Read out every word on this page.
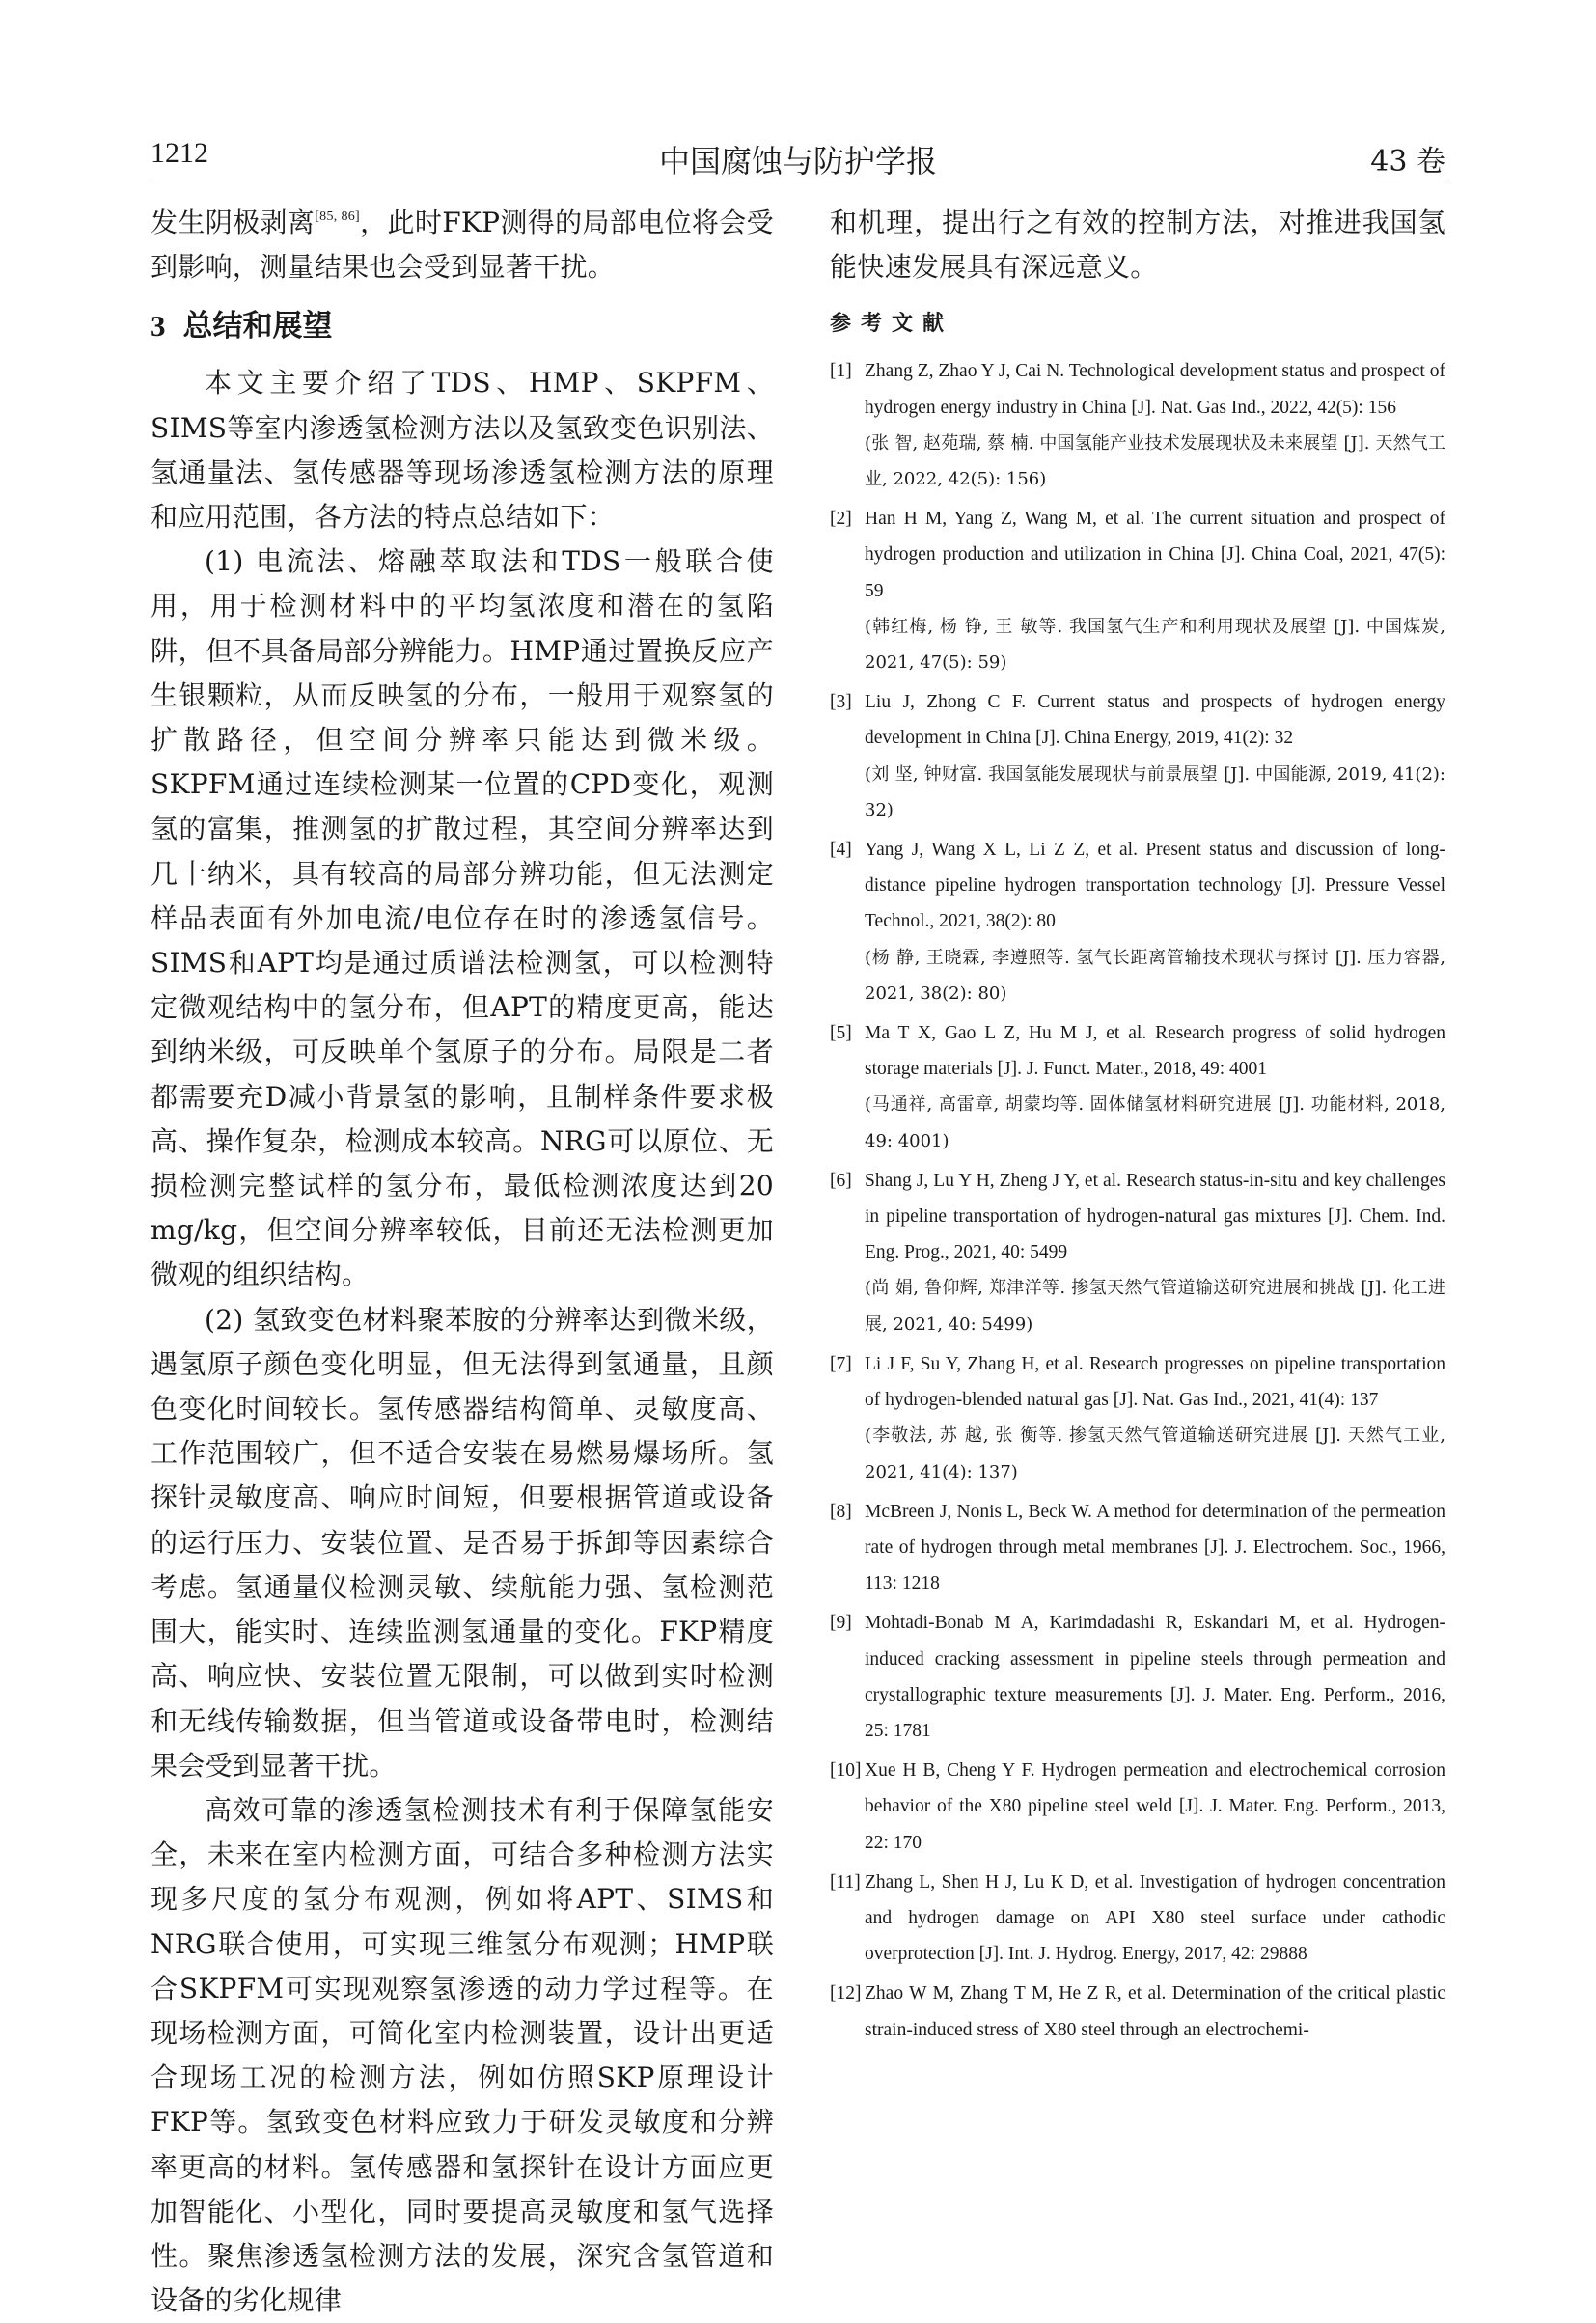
1212	中国腐蚀与防护学报	43 卷

发生阴极剥离[85, 86]，此时FKP测得的局部电位将会受到影响，测量结果也会受到显著干扰。

3 总结和展望

本文主要介绍了TDS、HMP、SKPFM、SIMS等室内渗透氢检测方法以及氢致变色识别法、氢通量法、氢传感器等现场渗透氢检测方法的原理和应用范围，各方法的特点总结如下：

(1) 电流法、熔融萃取法和TDS一般联合使用，用于检测材料中的平均氢浓度和潜在的氢陷阱，但不具备局部分辨能力。HMP通过置换反应产生银颗粒，从而反映氢的分布，一般用于观察氢的扩散路径，但空间分辨率只能达到微米级。SKPFM通过连续检测某一位置的CPD变化，观测氢的富集，推测氢的扩散过程，其空间分辨率达到几十纳米，具有较高的局部分辨功能，但无法测定样品表面有外加电流/电位存在时的渗透氢信号。SIMS和APT均是通过质谱法检测氢，可以检测特定微观结构中的氢分布，但APT的精度更高，能达到纳米级，可反映单个氢原子的分布。局限是二者都需要充D减小背景氢的影响，且制样条件要求极高、操作复杂，检测成本较高。NRG可以原位、无损检测完整试样的氢分布，最低检测浓度达到20 mg/kg，但空间分辨率较低，目前还无法检测更加微观的组织结构。

(2) 氢致变色材料聚苯胺的分辨率达到微米级，遇氢原子颜色变化明显，但无法得到氢通量，且颜色变化时间较长。氢传感器结构简单、灵敏度高、工作范围较广，但不适合安装在易燃易爆场所。氢探针灵敏度高、响应时间短，但要根据管道或设备的运行压力、安装位置、是否易于拆卸等因素综合考虑。氢通量仪检测灵敏、续航能力强、氢检测范围大，能实时、连续监测氢通量的变化。FKP精度高、响应快、安装位置无限制，可以做到实时检测和无线传输数据，但当管道或设备带电时，检测结果会受到显著干扰。

高效可靠的渗透氢检测技术有利于保障氢能安全，未来在室内检测方面，可结合多种检测方法实现多尺度的氢分布观测，例如将APT、SIMS和NRG联合使用，可实现三维氢分布观测；HMP联合SKPFM可实现观察氢渗透的动力学过程等。在现场检测方面，可简化室内检测装置，设计出更适合现场工况的检测方法，例如仿照SKP原理设计FKP等。氢致变色材料应致力于研发灵敏度和分辨率更高的材料。氢传感器和氢探针在设计方面应更加智能化、小型化，同时要提高灵敏度和氢气选择性。聚焦渗透氢检测方法的发展，深究含氢管道和设备的劣化规律

和机理，提出行之有效的控制方法，对推进我国氢能快速发展具有深远意义。

参考文献
[1] Zhang Z, Zhao Y J, Cai N. Technological development status and prospect of hydrogen energy industry in China [J]. Nat. Gas Ind., 2022, 42(5): 156
(张 智, 赵苑瑞, 蔡 楠. 中国氢能产业技术发展现状及未来展望 [J]. 天然气工业, 2022, 42(5): 156)
[2] Han H M, Yang Z, Wang M, et al. The current situation and prospect of hydrogen production and utilization in China [J]. China Coal, 2021, 47(5): 59
(韩红梅, 杨 铮, 王 敏等. 我国氢气生产和利用现状及展望 [J]. 中国煤炭, 2021, 47(5): 59)
[3] Liu J, Zhong C F. Current status and prospects of hydrogen energy development in China [J]. China Energy, 2019, 41(2): 32
(刘 坚, 钟财富. 我国氢能发展现状与前景展望 [J]. 中国能源, 2019, 41(2): 32)
[4] Yang J, Wang X L, Li Z Z, et al. Present status and discussion of long-distance pipeline hydrogen transportation technology [J]. Pressure Vessel Technol., 2021, 38(2): 80
(杨 静, 王晓霖, 李遵照等. 氢气长距离管输技术现状与探讨 [J]. 压力容器, 2021, 38(2): 80)
[5] Ma T X, Gao L Z, Hu M J, et al. Research progress of solid hydrogen storage materials [J]. J. Funct. Mater., 2018, 49: 4001
(马通祥, 高雷章, 胡蒙均等. 固体储氢材料研究进展 [J]. 功能材料, 2018, 49: 4001)
[6] Shang J, Lu Y H, Zheng J Y, et al. Research status-in-situ and key challenges in pipeline transportation of hydrogen-natural gas mixtures [J]. Chem. Ind. Eng. Prog., 2021, 40: 5499
(尚 娟, 鲁仰辉, 郑津洋等. 掺氢天然气管道输送研究进展和挑战 [J]. 化工进展, 2021, 40: 5499)
[7] Li J F, Su Y, Zhang H, et al. Research progresses on pipeline transportation of hydrogen-blended natural gas [J]. Nat. Gas Ind., 2021, 41(4): 137
(李敬法, 苏 越, 张 衡等. 掺氢天然气管道输送研究进展 [J]. 天然气工业, 2021, 41(4): 137)
[8] McBreen J, Nonis L, Beck W. A method for determination of the permeation rate of hydrogen through metal membranes [J]. J. Electrochem. Soc., 1966, 113: 1218
[9] Mohtadi-Bonab M A, Karimdadashi R, Eskandari M, et al. Hydrogen-induced cracking assessment in pipeline steels through permeation and crystallographic texture measurements [J]. J. Mater. Eng. Perform., 2016, 25: 1781
[10] Xue H B, Cheng Y F. Hydrogen permeation and electrochemical corrosion behavior of the X80 pipeline steel weld [J]. J. Mater. Eng. Perform., 2013, 22: 170
[11] Zhang L, Shen H J, Lu K D, et al. Investigation of hydrogen concentration and hydrogen damage on API X80 steel surface under cathodic overprotection [J]. Int. J. Hydrog. Energy, 2017, 42: 29888
[12] Zhao W M, Zhang T M, He Z R, et al. Determination of the critical plastic strain-induced stress of X80 steel through an electrochemi-
